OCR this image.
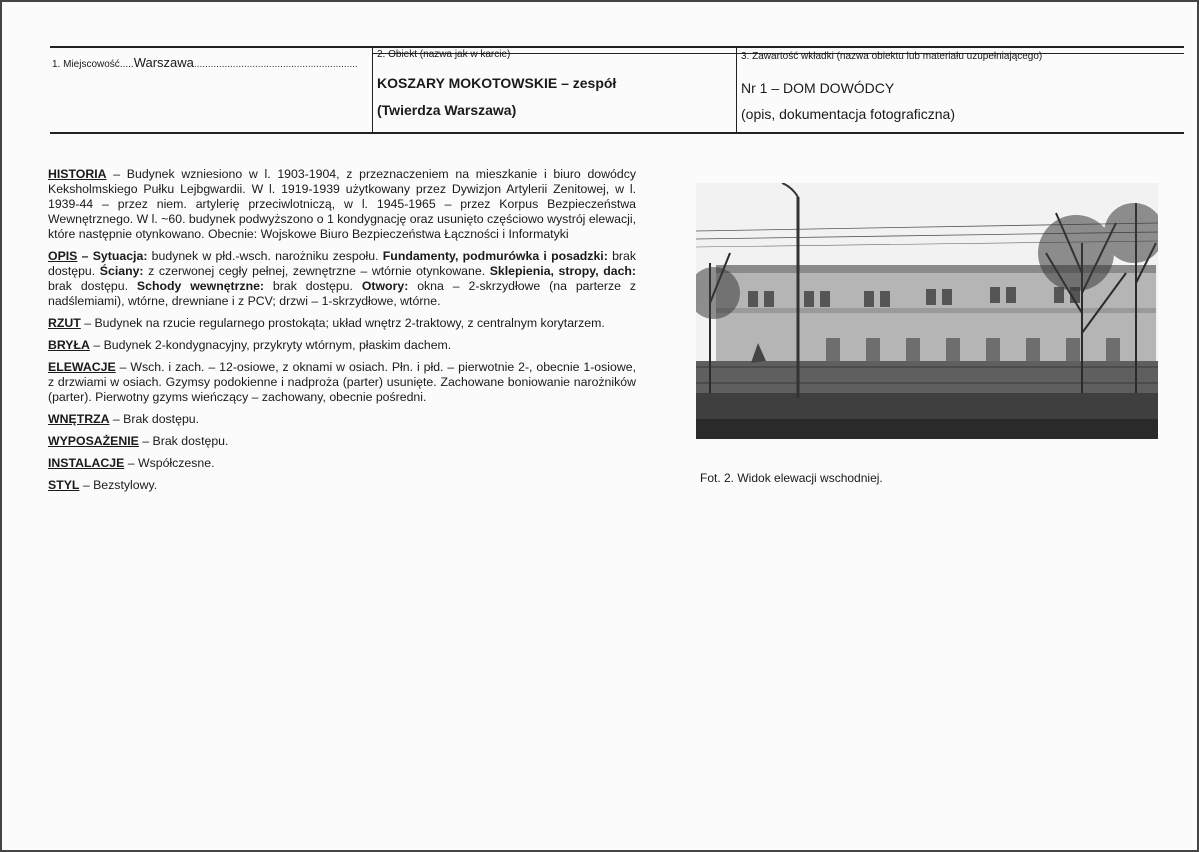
1. Miejscowość.....Warszawa...........................................................
2. Obiekt (nazwa jak w karcie)
KOSZARY MOKOTOWSKIE – zespół
(Twierdza Warszawa)
3. Zawartość wkładki (nazwa obiektu lub materiału uzupełniającego)
Nr 1 – DOM DOWÓDCY
(opis, dokumentacja fotograficzna)

HISTORIA – Budynek wzniesiono w l. 1903-1904, z przeznaczeniem na mieszkanie i biuro dowódcy Keksholmskiego Pułku Lejbgwardii. W l. 1919-1939 użytkowany przez Dywizjon Artylerii Zenitowej, w l. 1939-44 – przez niem. artylerię przeciwlotniczą, w l. 1945-1965 – przez Korpus Bezpieczeństwa Wewnętrznego. W l. ~60. budynek podwyższono o 1 kondygnację oraz usunięto częściowo wystrój elewacji, które następnie otynkowano. Obecnie: Wojskowe Biuro Bezpieczeństwa Łączności i Informatyki

OPIS – Sytuacja: budynek w płd.-wsch. narożniku zespołu. Fundamenty, podmurówka i posadzki: brak dostępu. Ściany: z czerwonej cegły pełnej, zewnętrzne – wtórnie otynkowane. Sklepienia, stropy, dach: brak dostępu. Schody wewnętrzne: brak dostępu. Otwory: okna – 2-skrzydłowe (na parterze z nadślemiami), wtórne, drewniane i z PCV; drzwi – 1-skrzydłowe, wtórne.

RZUT – Budynek na rzucie regularnego prostokąta; układ wnętrz 2-traktowy, z centralnym korytarzem.

BRYŁA – Budynek 2-kondygnacyjny, przykryty wtórnym, płaskim dachem.

ELEWACJE – Wsch. i zach. – 12-osiowe, z oknami w osiach. Płn. i płd. – pierwotnie 2-, obecnie 1-osiowe, z drzwiami w osiach. Gzymsy podokienne i nadproża (parter) usunięte. Zachowane boniowanie narożników (parter). Pierwotny gzyms wieńczący – zachowany, obecnie pośredni.

WNĘTRZA – Brak dostępu.

WYPOSAŻENIE – Brak dostępu.

INSTALACJE – Współczesne.

STYL – Bezstylowy.	Fot. 2. Widok elewacji wschodniej.
